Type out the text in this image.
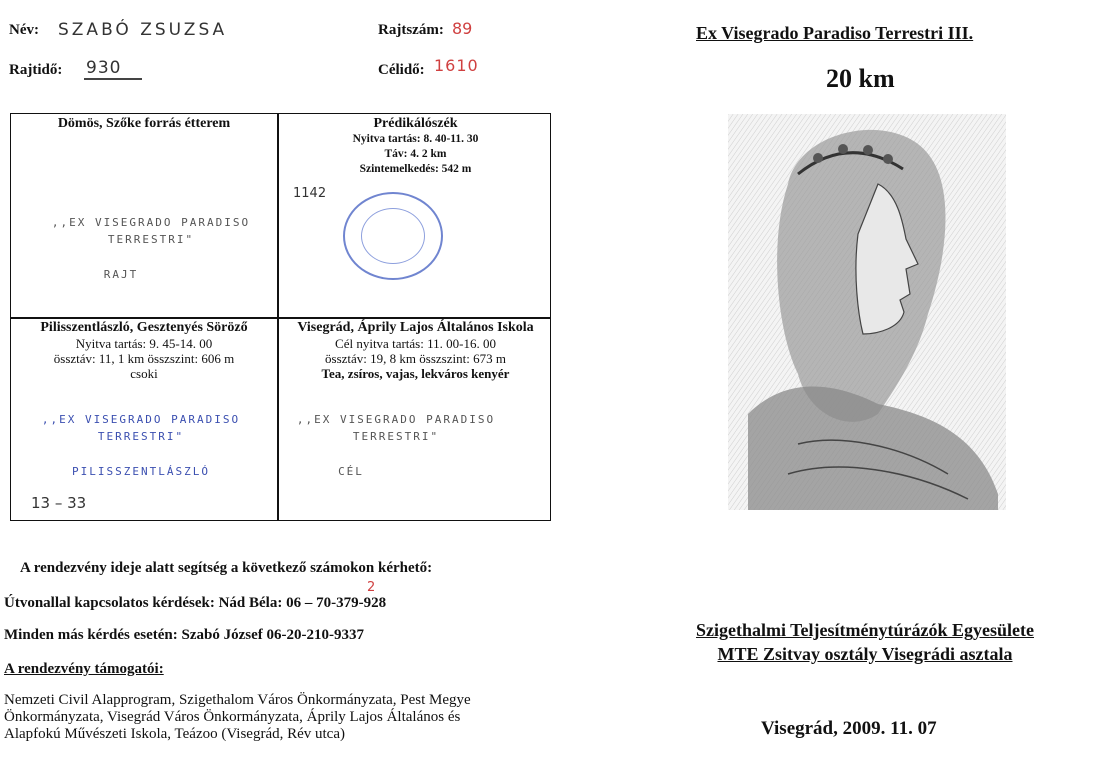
Név: SZABÓ ZSUZSA	Rajtszám: 89
Rajtidő: 930	Célidő: 1610
Dömös, Szőke forrás étterem
,,EX VISEGRADO PARADISO
TERRESTRI"
RAJT
Prédikálószék
Nyitva tartás: 8. 40-11. 30
Táv: 4. 2 km
Szintemelkedés: 542 m
1142
Pilisszentlászló, Gesztenyés Söröző
Nyitva tartás: 9. 45-14. 00
össztáv: 11, 1 km összszint: 606 m
csoki
,,EX VISEGRADO PARADISO
TERRESTRI"
PILISSZENTLÁSZLÓ
13 – 33
Visegrád, Áprily Lajos Általános Iskola
Cél nyitva tartás: 11. 00-16. 00
össztáv: 19, 8 km összszint: 673 m
Tea, zsíros, vajas, lekváros kenyér
,,EX VISEGRADO PARADISO
TERRESTRI"
CÉL
A rendezvény ideje alatt segítség a következő számokon kérhető:
Útvonallal kapcsolatos kérdések: Nád Béla: 06 – 70-379-928
2
Minden más kérdés esetén: Szabó József 06-20-210-9337
A rendezvény támogatói:
Nemzeti Civil Alapprogram, Szigethalom Város Önkormányzata, Pest Megye
Önkormányzata, Visegrád Város Önkormányzata, Áprily Lajos Általános és
Alapfokú Művészeti Iskola, Teázoo (Visegrád, Rév utca)
Ex Visegrado Paradiso Terrestri III.
20 km
Szigethalmi Teljesítménytúrázók Egyesülete
MTE Zsitvay osztály Visegrádi asztala
Visegrád, 2009. 11. 07
